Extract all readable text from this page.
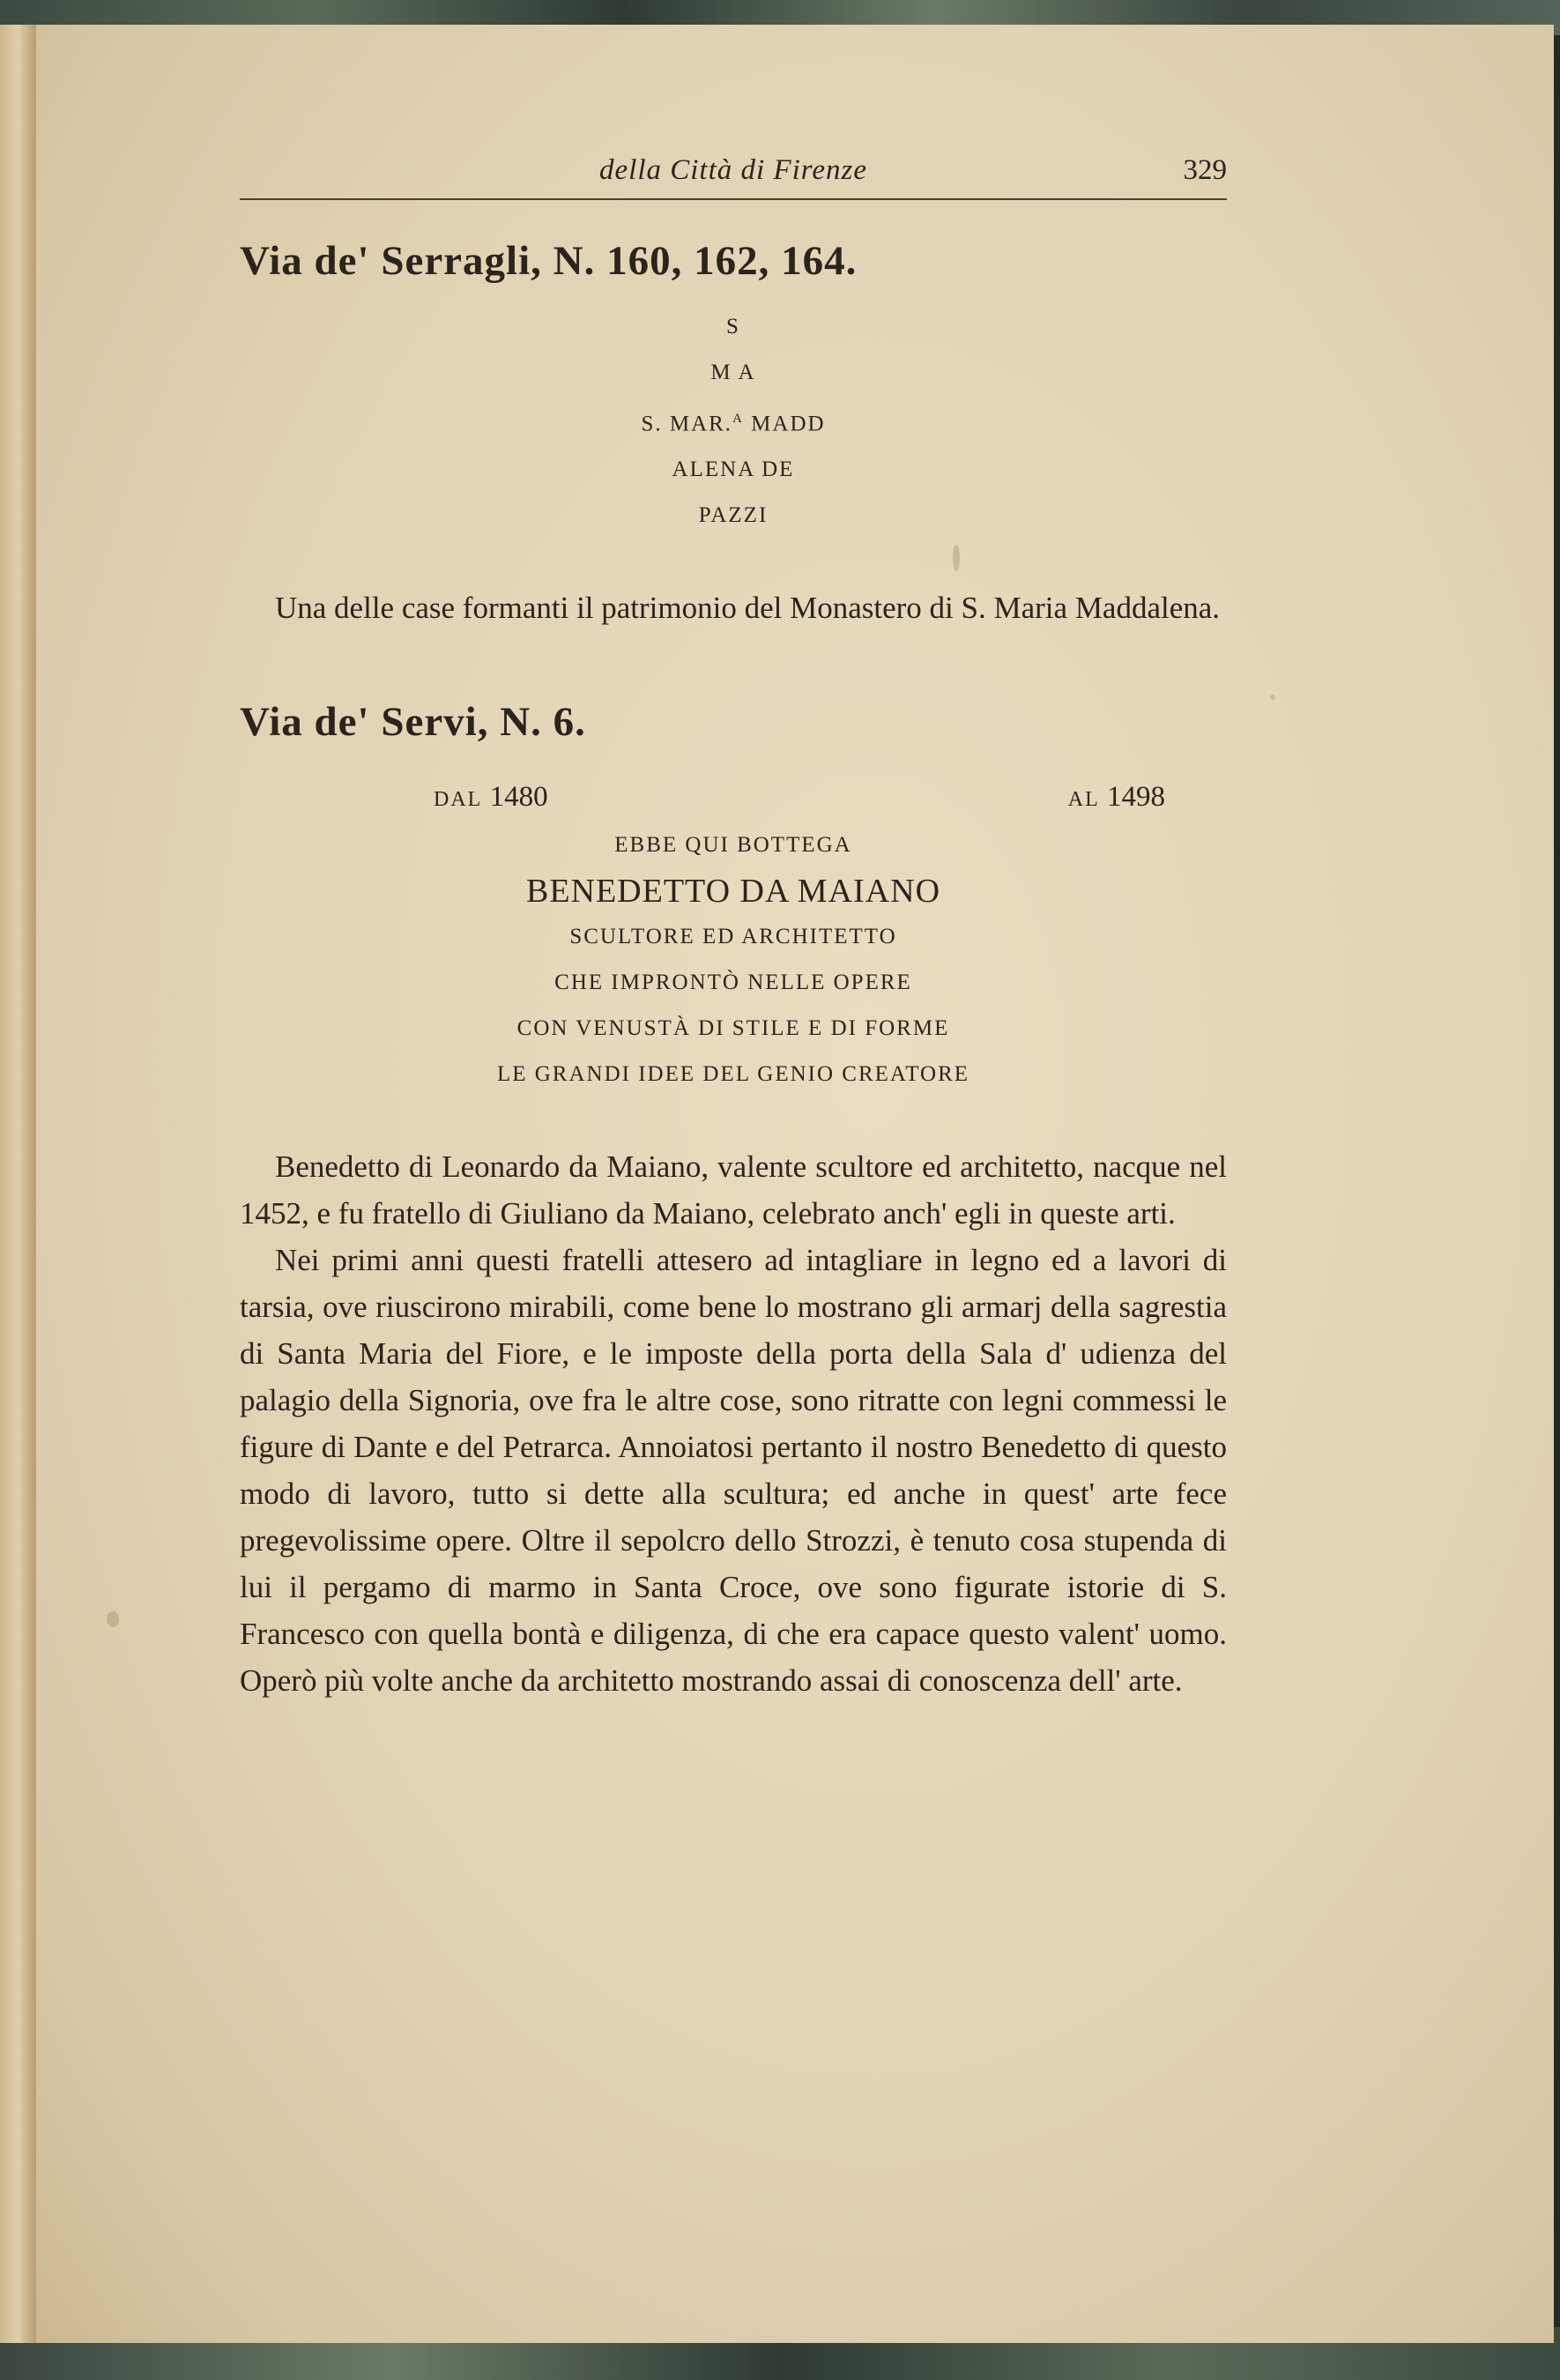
della Città di Firenze	329
Via de' Serragli, N. 160, 162, 164.
S
M A
S. MAR.$^A$ MADD
ALENA DE
PAZZI

Una delle case formanti il patrimonio del Monastero di S. Maria Maddalena.

Via de' Servi, N. 6.
DAL 1480	AL 1498
EBBE QUI BOTTEGA
BENEDETTO DA MAIANO
SCULTORE ED ARCHITETTO
CHE IMPRONTÒ NELLE OPERE
CON VENUSTÀ DI STILE E DI FORME
LE GRANDI IDEE DEL GENIO CREATORE

Benedetto di Leonardo da Maiano, valente scultore ed architetto, nacque nel 1452, e fu fratello di Giuliano da Maiano, celebrato anch' egli in queste arti.

Nei primi anni questi fratelli attesero ad intagliare in legno ed a lavori di tarsia, ove riuscirono mirabili, come bene lo mostrano gli armarj della sagrestia di Santa Maria del Fiore, e le imposte della porta della Sala d' udienza del palagio della Signoria, ove fra le altre cose, sono ritratte con legni commessi le figure di Dante e del Petrarca. Annoiatosi pertanto il nostro Benedetto di questo modo di lavoro, tutto si dette alla scultura; ed anche in quest' arte fece pregevolissime opere. Oltre il sepolcro dello Strozzi, è tenuto cosa stupenda di lui il pergamo di marmo in Santa Croce, ove sono figurate istorie di S. Francesco con quella bontà e diligenza, di che era capace questo valent' uomo. Operò più volte anche da architetto mostrando assai di conoscenza dell' arte.
